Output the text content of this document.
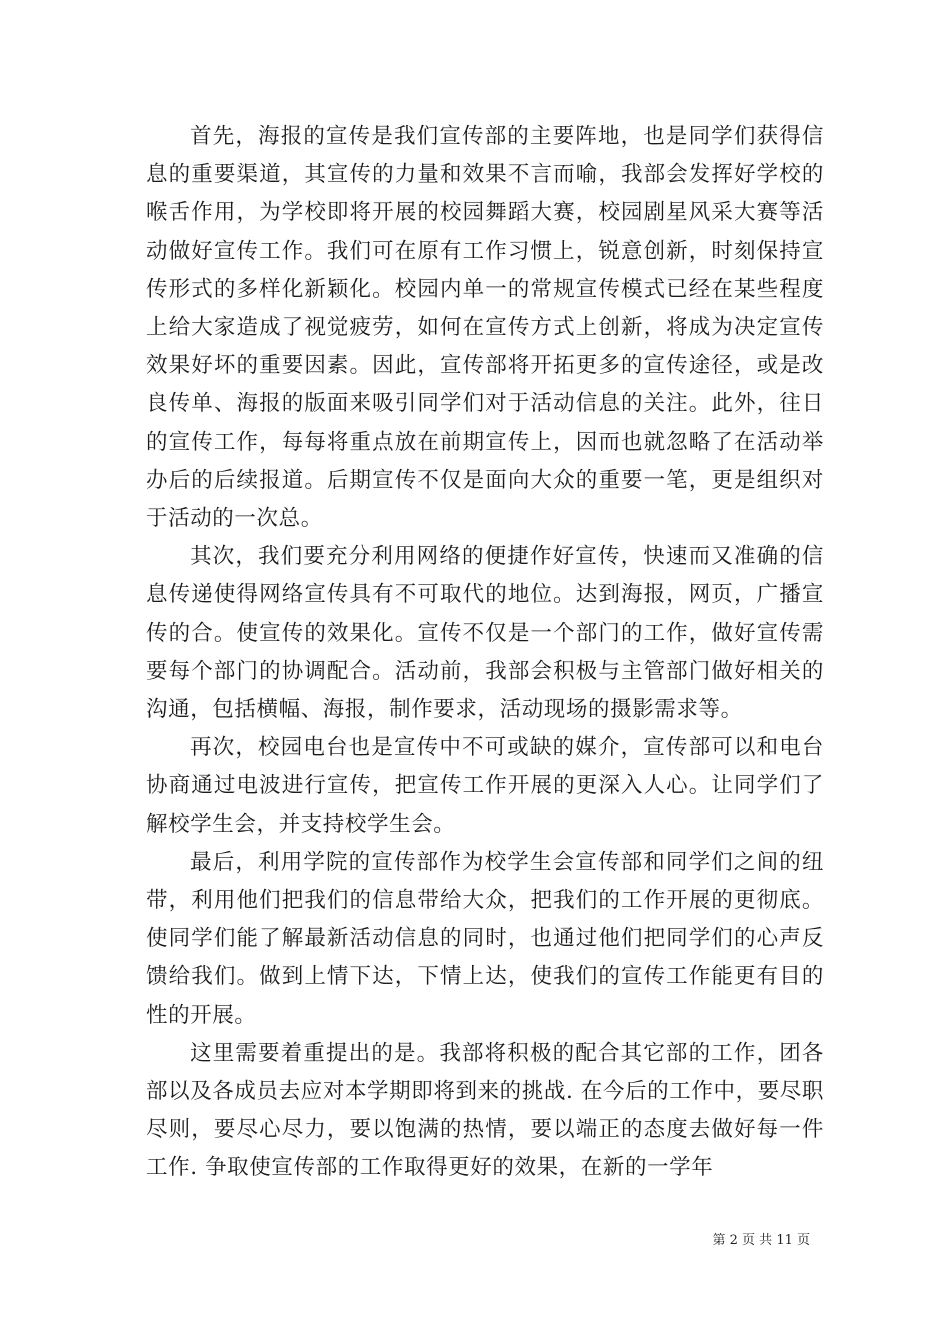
首先，海报的宣传是我们宣传部的主要阵地，也是同学们获得信息的重要渠道，其宣传的力量和效果不言而喻，我部会发挥好学校的喉舌作用，为学校即将开展的校园舞蹈大赛，校园剧星风采大赛等活动做好宣传工作。我们可在原有工作习惯上，锐意创新，时刻保持宣传形式的多样化新颖化。校园内单一的常规宣传模式已经在某些程度上给大家造成了视觉疲劳，如何在宣传方式上创新，将成为决定宣传效果好坏的重要因素。因此，宣传部将开拓更多的宣传途径，或是改良传单、海报的版面来吸引同学们对于活动信息的关注。此外，往日的宣传工作，每每将重点放在前期宣传上，因而也就忽略了在活动举办后的后续报道。后期宣传不仅是面向大众的重要一笔，更是组织对于活动的一次总。

其次，我们要充分利用网络的便捷作好宣传，快速而又准确的信息传递使得网络宣传具有不可取代的地位。达到海报，网页，广播宣传的合。使宣传的效果化。宣传不仅是一个部门的工作，做好宣传需要每个部门的协调配合。活动前，我部会积极与主管部门做好相关的沟通，包括横幅、海报，制作要求，活动现场的摄影需求等。

再次，校园电台也是宣传中不可或缺的媒介，宣传部可以和电台协商通过电波进行宣传，把宣传工作开展的更深入人心。让同学们了解校学生会，并支持校学生会。

最后，利用学院的宣传部作为校学生会宣传部和同学们之间的纽带，利用他们把我们的信息带给大众，把我们的工作开展的更彻底。使同学们能了解最新活动信息的同时，也通过他们把同学们的心声反馈给我们。做到上情下达，下情上达，使我们的宣传工作能更有目的性的开展。

这里需要着重提出的是。我部将积极的配合其它部的工作，团各部以及各成员去应对本学期即将到来的挑战. 在今后的工作中，要尽职尽则，要尽心尽力，要以饱满的热情，要以端正的态度去做好每一件工作. 争取使宣传部的工作取得更好的效果，在新的一学年

第 2 页 共 11 页
